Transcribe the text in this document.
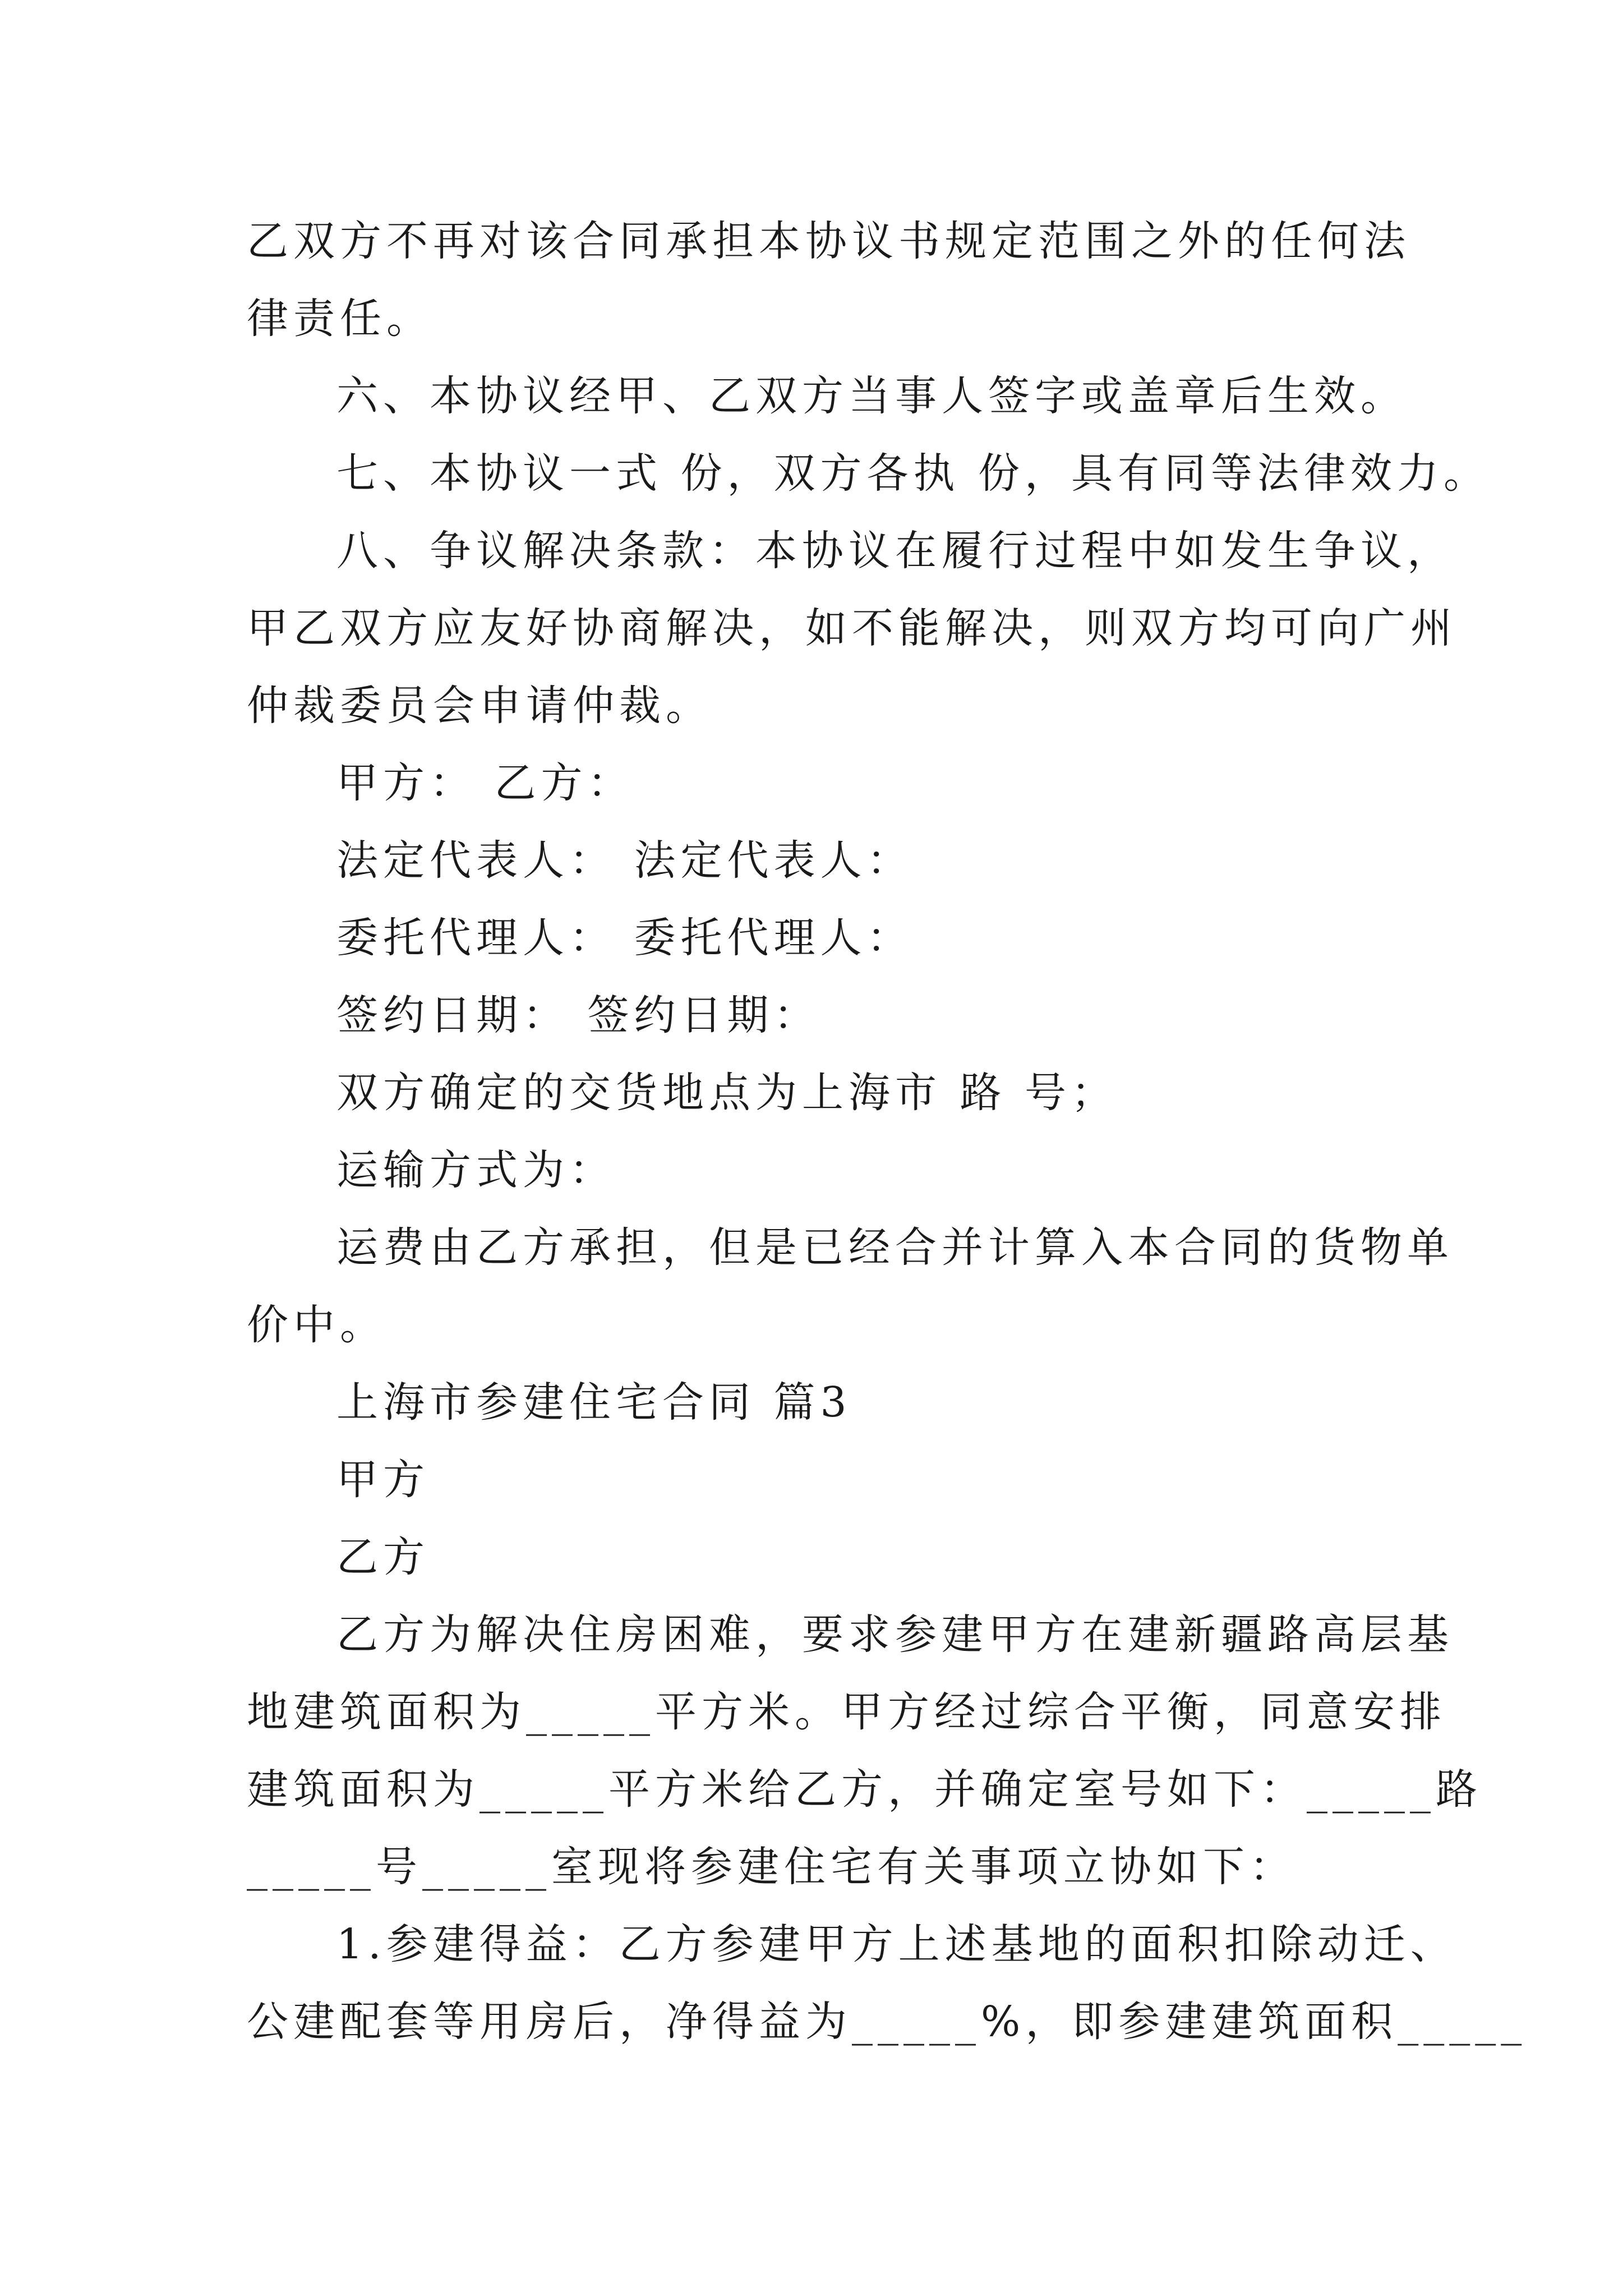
乙双方不再对该合同承担本协议书规定范围之外的任何法
律责任。
六、本协议经甲、乙双方当事人签字或盖章后生效。
七、本协议一式 份，双方各执 份，具有同等法律效力。
八、争议解决条款：本协议在履行过程中如发生争议，
甲乙双方应友好协商解决，如不能解决，则双方均可向广州
仲裁委员会申请仲裁。
甲方： 乙方：
法定代表人： 法定代表人：
委托代理人： 委托代理人：
签约日期： 签约日期：
双方确定的交货地点为上海市 路 号；
运输方式为：
运费由乙方承担，但是已经合并计算入本合同的货物单
价中。
上海市参建住宅合同 篇3
甲方
乙方
乙方为解决住房困难，要求参建甲方在建新疆路高层基
地建筑面积为_____平方米。甲方经过综合平衡，同意安排
建筑面积为_____平方米给乙方，并确定室号如下：_____路
_____号_____室现将参建住宅有关事项立协如下：
1.参建得益：乙方参建甲方上述基地的面积扣除动迁、
公建配套等用房后，净得益为_____%，即参建建筑面积_____
